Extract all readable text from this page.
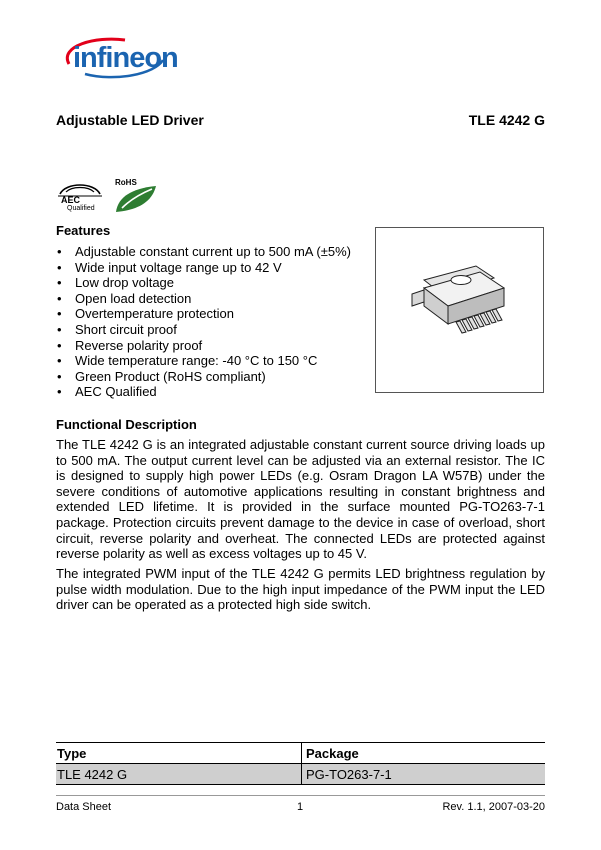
infineon
Adjustable LED Driver	TLE 4242 G
AEC
Qualified
RoHS
Features
• Adjustable constant current up to 500 mA (±5%)
• Wide input voltage range up to 42 V
• Low drop voltage
• Open load detection
• Overtemperature protection
• Short circuit proof
• Reverse polarity proof
• Wide temperature range: -40 °C to 150 °C
• Green Product (RoHS compliant)
• AEC Qualified
Functional Description

The TLE 4242 G is an integrated adjustable constant current source driving loads up to 500 mA. The output current level can be adjusted via an external resistor. The IC is designed to supply high power LEDs (e.g. Osram Dragon LA W57B) under the severe conditions of automotive applications resulting in constant brightness and extended LED lifetime. It is provided in the surface mounted PG-TO263-7-1 package. Protection circuits prevent damage to the device in case of overload, short circuit, reverse polarity and overheat. The connected LEDs are protected against reverse polarity as well as excess voltages up to 45 V.

The integrated PWM input of the TLE 4242 G permits LED brightness regulation by pulse width modulation. Due to the high input impedance of the PWM input the LED driver can be operated as a protected high side switch.

Type	Package
TLE 4242 G	PG-TO263-7-1
Data Sheet	1	Rev. 1.1, 2007-03-20
